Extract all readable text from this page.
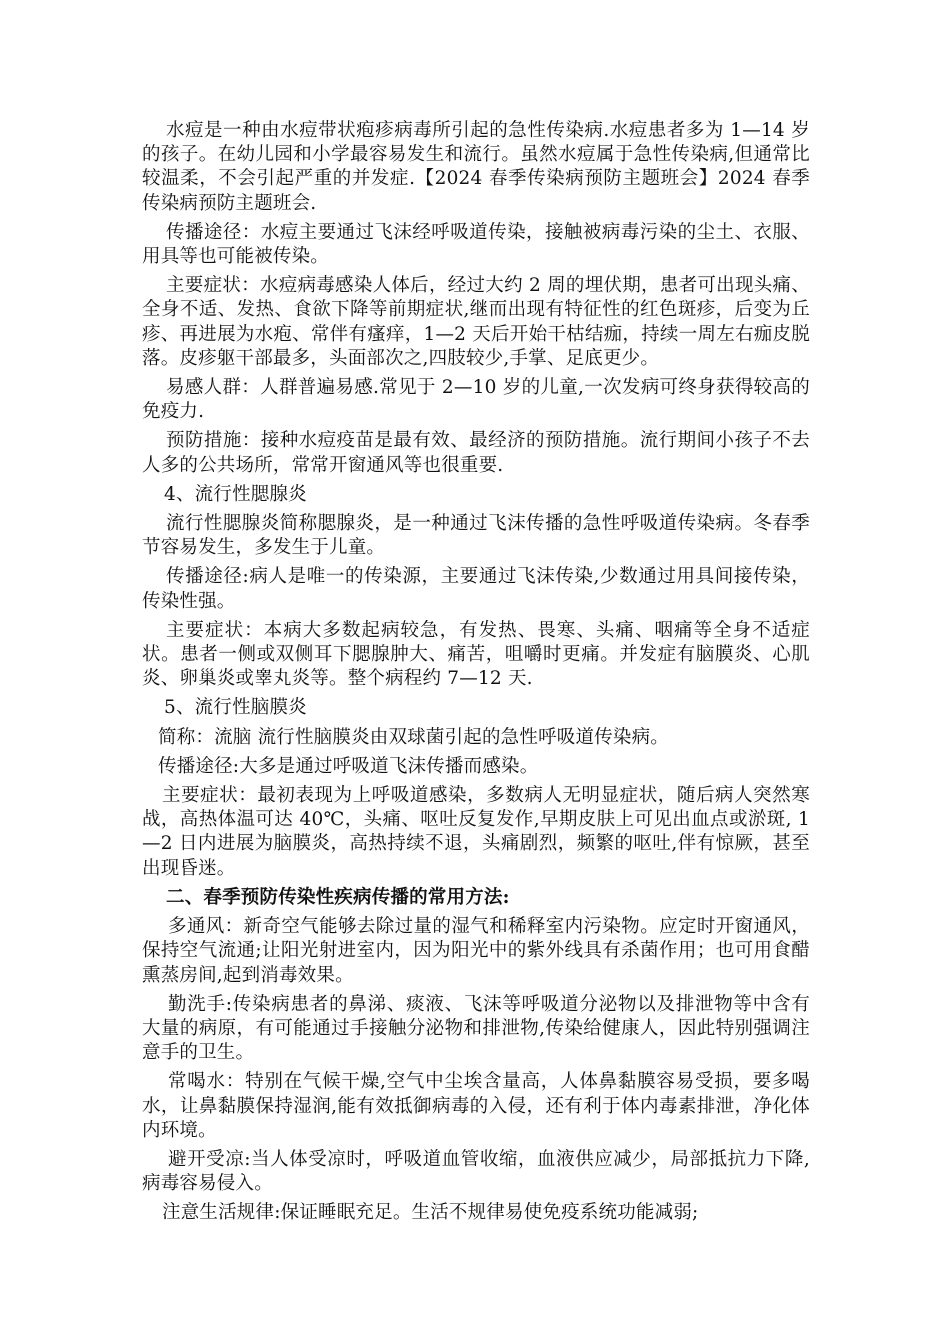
水痘是一种由水痘带状疱疹病毒所引起的急性传染病.水痘患者多为 1—14 岁的孩子。在幼儿园和小学最容易发生和流行。虽然水痘属于急性传染病,但通常比较温柔，不会引起严重的并发症.【2024 春季传染病预防主题班会】2024 春季传染病预防主题班会.

传播途径：水痘主要通过飞沫经呼吸道传染，接触被病毒污染的尘土、衣服、用具等也可能被传染。

主要症状：水痘病毒感染人体后，经过大约 2 周的埋伏期，患者可出现头痛、全身不适、发热、食欲下降等前期症状,继而出现有特征性的红色斑疹，后变为丘疹、再进展为水疱、常伴有瘙痒，1—2 天后开始干枯结痂，持续一周左右痂皮脱落。皮疹躯干部最多，头面部次之,四肢较少,手掌、足底更少。

易感人群：人群普遍易感.常见于 2—10 岁的儿童,一次发病可终身获得较高的免疫力.

预防措施：接种水痘疫苗是最有效、最经济的预防措施。流行期间小孩子不去人多的公共场所，常常开窗通风等也很重要.

4、流行性腮腺炎

流行性腮腺炎简称腮腺炎，是一种通过飞沫传播的急性呼吸道传染病。冬春季节容易发生，多发生于儿童。

传播途径:病人是唯一的传染源，主要通过飞沫传染,少数通过用具间接传染，传染性强。

主要症状：本病大多数起病较急，有发热、畏寒、头痛、咽痛等全身不适症状。患者一侧或双侧耳下腮腺肿大、痛苦，咀嚼时更痛。并发症有脑膜炎、心肌炎、卵巢炎或睾丸炎等。整个病程约 7—12 天.

5、流行性脑膜炎

简称：流脑 流行性脑膜炎由双球菌引起的急性呼吸道传染病。

传播途径:大多是通过呼吸道飞沫传播而感染。

主要症状：最初表现为上呼吸道感染，多数病人无明显症状，随后病人突然寒战，高热体温可达 40℃，头痛、呕吐反复发作,早期皮肤上可见出血点或淤斑, 1—2 日内进展为脑膜炎，高热持续不退，头痛剧烈，频繁的呕吐,伴有惊厥，甚至出现昏迷。

二、春季预防传染性疾病传播的常用方法:

多通风：新奇空气能够去除过量的湿气和稀释室内污染物。应定时开窗通风，保持空气流通;让阳光射进室内，因为阳光中的紫外线具有杀菌作用；也可用食醋熏蒸房间,起到消毒效果。

勤洗手:传染病患者的鼻涕、痰液、飞沫等呼吸道分泌物以及排泄物等中含有大量的病原，有可能通过手接触分泌物和排泄物,传染给健康人，因此特别强调注意手的卫生。

常喝水：特别在气候干燥,空气中尘埃含量高，人体鼻黏膜容易受损，要多喝水，让鼻黏膜保持湿润,能有效抵御病毒的入侵，还有利于体内毒素排泄，净化体内环境。

避开受凉:当人体受凉时，呼吸道血管收缩，血液供应减少，局部抵抗力下降,病毒容易侵入。

注意生活规律:保证睡眠充足。生活不规律易使免疫系统功能减弱;
